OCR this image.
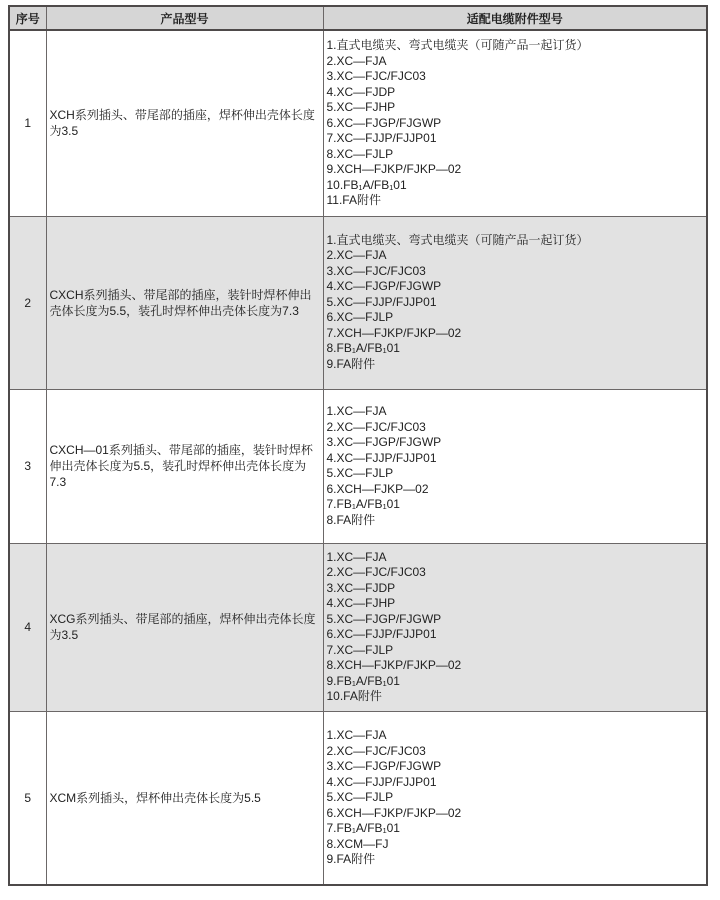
序号	产品型号	适配电缆附件型号
1	XCH系列插头、带尾部的插座，焊杯伸出壳体长度为3.5	
1.直式电缆夹、弯式电缆夹（可随产品一起订货）
2.XC—FJA
3.XC—FJC/FJC03
4.XC—FJDP
5.XC—FJHP
6.XC—FJGP/FJGWP
7.XC—FJJP/FJJP01
8.XC—FJLP
9.XCH—FJKP/FJKP—02
10.FB₁A/FB₁01
11.FA附件

2	CXCH系列插头、带尾部的插座，装针时焊杯伸出壳体长度为5.5，装孔时焊杯伸出壳体长度为7.3	
1.直式电缆夹、弯式电缆夹（可随产品一起订货）
2.XC—FJA
3.XC—FJC/FJC03
4.XC—FJGP/FJGWP
5.XC—FJJP/FJJP01
6.XC—FJLP
7.XCH—FJKP/FJKP—02
8.FB₁A/FB₁01
9.FA附件

3	CXCH—01系列插头、带尾部的插座，装针时焊杯伸出壳体长度为5.5，装孔时焊杯伸出壳体长度为7.3	
1.XC—FJA
2.XC—FJC/FJC03
3.XC—FJGP/FJGWP
4.XC—FJJP/FJJP01
5.XC—FJLP
6.XCH—FJKP—02
7.FB₁A/FB₁01
8.FA附件

4	XCG系列插头、带尾部的插座，焊杯伸出壳体长度为3.5	
1.XC—FJA
2.XC—FJC/FJC03
3.XC—FJDP
4.XC—FJHP
5.XC—FJGP/FJGWP
6.XC—FJJP/FJJP01
7.XC—FJLP
8.XCH—FJKP/FJKP—02
9.FB₁A/FB₁01
10.FA附件

5	XCM系列插头，焊杯伸出壳体长度为5.5	
1.XC—FJA
2.XC—FJC/FJC03
3.XC—FJGP/FJGWP
4.XC—FJJP/FJJP01
5.XC—FJLP
6.XCH—FJKP/FJKP—02
7.FB₁A/FB₁01
8.XCM—FJ
9.FA附件
